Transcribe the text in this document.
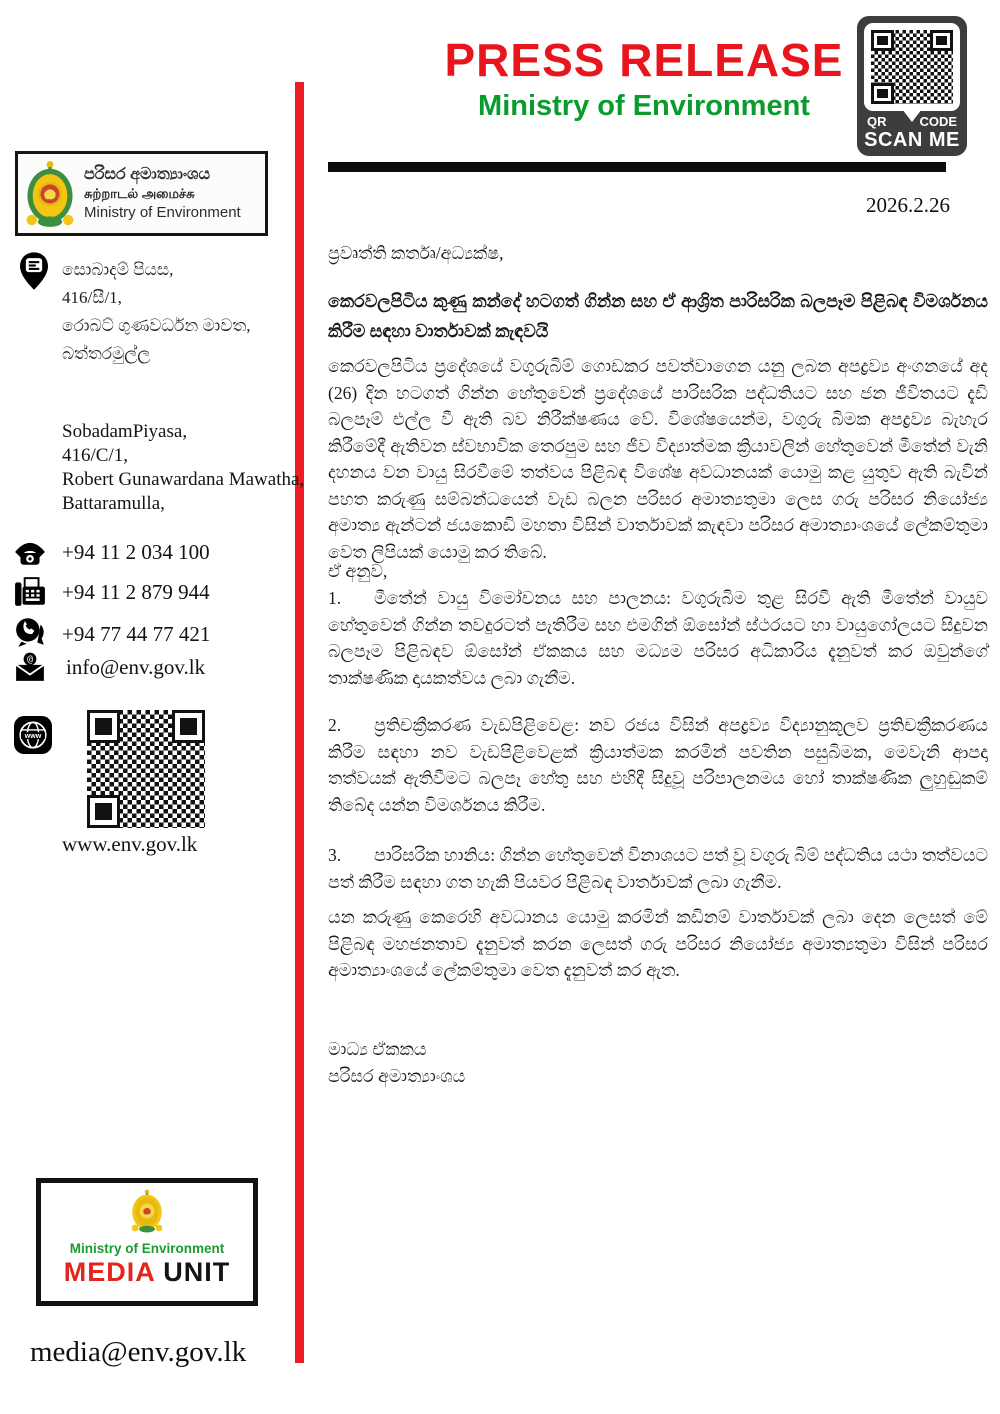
PRESS RELEASE
Ministry of Environment
2026.2.26
QR	CODE
SCAN ME
පරිසර අමාත්‍යාංශය
சுற்றாடல் அமைச்சு
Ministry of Environment
සොබාදම් පියස,
416/සී/1,
රොබට් ගුණවර්ධන මාවත,
බත්තරමුල්ල
SobadamPiyasa,
416/C/1,
Robert Gunawardana Mawatha,
Battaramulla,
+94 11 2 034 100
+94 11 2 879 944
+94 77 44 77 421
@ info@env.gov.lk
www
www.env.gov.lk
ප්‍රවෘත්ති කර්තෘ/අධ්‍යක්ෂ,
කෙරවලපිටිය කුණු කන්දේ හටගත් ගින්න සහ ඒ ආශ්‍රිත පාරිසරික බලපෑම පිළිබඳ විමර්ශනය කිරීම සඳහා වාර්තාවක් කැඳවයි
කෙරවලපිටිය ප්‍රදේශයේ වගුරුබිම් ගොඩකර පවත්වාගෙන යනු ලබන අපද්‍රව්‍ය අංගනයේ අද (26) දින හටගත් ගින්න හේතුවෙන් ප්‍රදේශයේ පාරිසරික පද්ධතියට සහ ජන ජීවිතයට දැඩි බලපෑම් එල්ල වී ඇති බව නිරීක්ෂණය වේ. විශේෂයෙන්ම, වගුරු බිමක අපද්‍රව්‍ය බැහැර කිරීමේදී ඇතිවන ස්වභාවික තෙරපුම සහ ජීව විද්‍යාත්මක ක්‍රියාවලින් හේතුවෙන් මීතේන් වැනි දහනය වන වායු සිරවීමේ තත්වය පිළිබඳ විශේෂ අවධානයක් යොමු කළ යුතුව ඇති බැවින් පහත කරුණු සම්බන්ධයෙන් වැඩ බලන පරිසර අමාත්‍යතුමා ලෙස ගරු පරිසර නියෝජ්‍ය අමාත්‍ය ඇන්ටන් ජයකොඩි මහතා විසින් වාර්තාවක් කැඳවා පරිසර අමාත්‍යාංශයේ ලේකම්තුමා වෙත ලිපියක් යොමු කර තිබේ.
ඒ අනුව,
1. මීතේන් වායු විමෝචනය සහ පාලනය: වගුරුබිම තුළ සිරවී ඇති මීතේන් වායුව හේතුවෙන් ගින්න තවදුරටත් පැතිරීම සහ එමගින් ඕසෝන් ස්ථරයට හා වායුගෝලයට සිදුවන බලපෑම පිළිබඳව ඕසෝන් ඒකකය සහ මධ්‍යම පරිසර අධිකාරිය දැනුවත් කර ඔවුන්ගේ තාක්ෂණික දායකත්වය ලබා ගැනීම.
2. ප්‍රතිචක්‍රීකරණ වැඩපිළිවෙළ: නව රජය විසින් අපද්‍රව්‍ය විද්‍යානුකූලව ප්‍රතිචක්‍රීකරණය කිරීම සඳහා නව වැඩපිළිවෙළක් ක්‍රියාත්මක කරමින් පවතින පසුබිමක, මෙවැනි ආපදා තත්වයක් ඇතිවීමට බලපෑ හේතු සහ එහිදී සිදුවූ පරිපාලනමය හෝ තාක්ෂණික ලුහුඬුකම් තිබේද යන්න විමර්ශනය කිරීම.
3. පාරිසරික හානිය: ගින්න හේතුවෙන් විනාශයට පත් වූ වගුරු බිම් පද්ධතිය යථා තත්වයට පත් කිරීම සඳහා ගත හැකි පියවර පිළිබඳ වාර්තාවක් ලබා ගැනීම.
යන කරුණු කෙරෙහි අවධානය යොමු කරමින් කඩිනම් වාර්තාවක් ලබා දෙන ලෙසත් මේ පිළිබඳ මහජනතාව දැනුවත් කරන ලෙසත් ගරු පරිසර නියෝජ්‍ය අමාත්‍යතුමා විසින් පරිසර අමාත්‍යාංශයේ ලේකම්තුමා වෙත දැනුවත් කර ඇත.
මාධ්‍ය ඒකකය
පරිසර අමාත්‍යාංශය
Ministry of Environment
MEDIA UNIT
media@env.gov.lk
